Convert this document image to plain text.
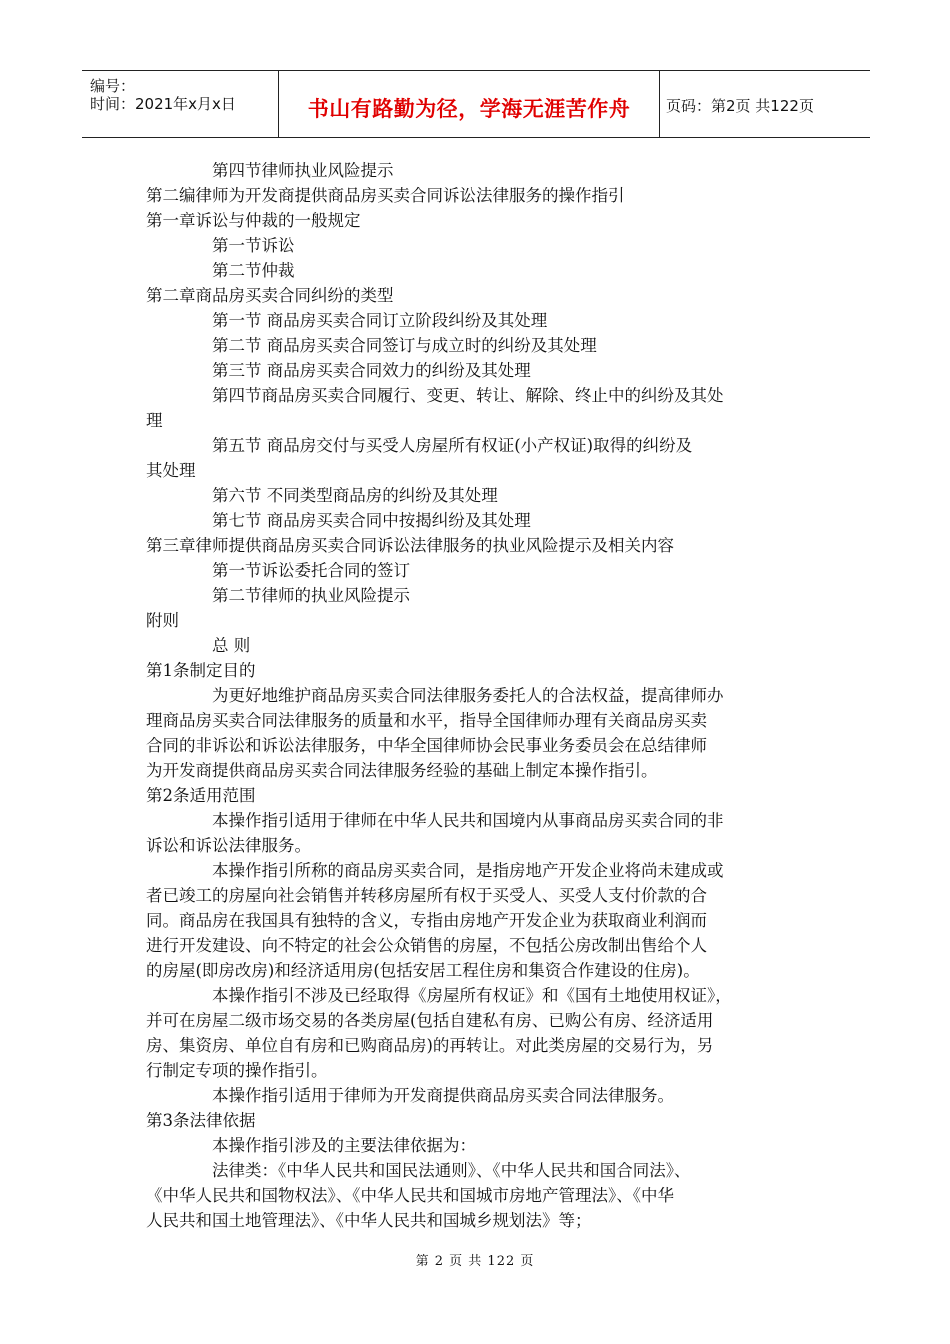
编号：
时间：2021年x月x日	书山有路勤为径，学海无涯苦作舟	页码：第2页 共122页
第四节律师执业风险提示
第二编律师为开发商提供商品房买卖合同诉讼法律服务的操作指引
第一章诉讼与仲裁的一般规定
第一节诉讼
第二节仲裁
第二章商品房买卖合同纠纷的类型
第一节 商品房买卖合同订立阶段纠纷及其处理
第二节 商品房买卖合同签订与成立时的纠纷及其处理
第三节 商品房买卖合同效力的纠纷及其处理
第四节商品房买卖合同履行、变更、转让、解除、终止中的纠纷及其处
理
第五节 商品房交付与买受人房屋所有权证(小产权证)取得的纠纷及
其处理
第六节 不同类型商品房的纠纷及其处理
第七节 商品房买卖合同中按揭纠纷及其处理
第三章律师提供商品房买卖合同诉讼法律服务的执业风险提示及相关内容
第一节诉讼委托合同的签订
第二节律师的执业风险提示
附则
总 则
第1条制定目的
为更好地维护商品房买卖合同法律服务委托人的合法权益，提高律师办
理商品房买卖合同法律服务的质量和水平，指导全国律师办理有关商品房买卖
合同的非诉讼和诉讼法律服务，中华全国律师协会民事业务委员会在总结律师
为开发商提供商品房买卖合同法律服务经验的基础上制定本操作指引。
第2条适用范围
本操作指引适用于律师在中华人民共和国境内从事商品房买卖合同的非
诉讼和诉讼法律服务。
本操作指引所称的商品房买卖合同，是指房地产开发企业将尚未建成或
者已竣工的房屋向社会销售并转移房屋所有权于买受人、买受人支付价款的合
同。商品房在我国具有独特的含义，专指由房地产开发企业为获取商业利润而
进行开发建设、向不特定的社会公众销售的房屋，不包括公房改制出售给个人
的房屋(即房改房)和经济适用房(包括安居工程住房和集资合作建设的住房)。
本操作指引不涉及已经取得《房屋所有权证》和《国有土地使用权证》，
并可在房屋二级市场交易的各类房屋(包括自建私有房、已购公有房、经济适用
房、集资房、单位自有房和已购商品房)的再转让。对此类房屋的交易行为，另
行制定专项的操作指引。
本操作指引适用于律师为开发商提供商品房买卖合同法律服务。
第3条法律依据
本操作指引涉及的主要法律依据为：
法律类：《中华人民共和国民法通则》、《中华人民共和国合同法》、
《中华人民共和国物权法》、《中华人民共和国城市房地产管理法》、《中华
人民共和国土地管理法》、《中华人民共和国城乡规划法》等；
第 2 页 共 122 页
